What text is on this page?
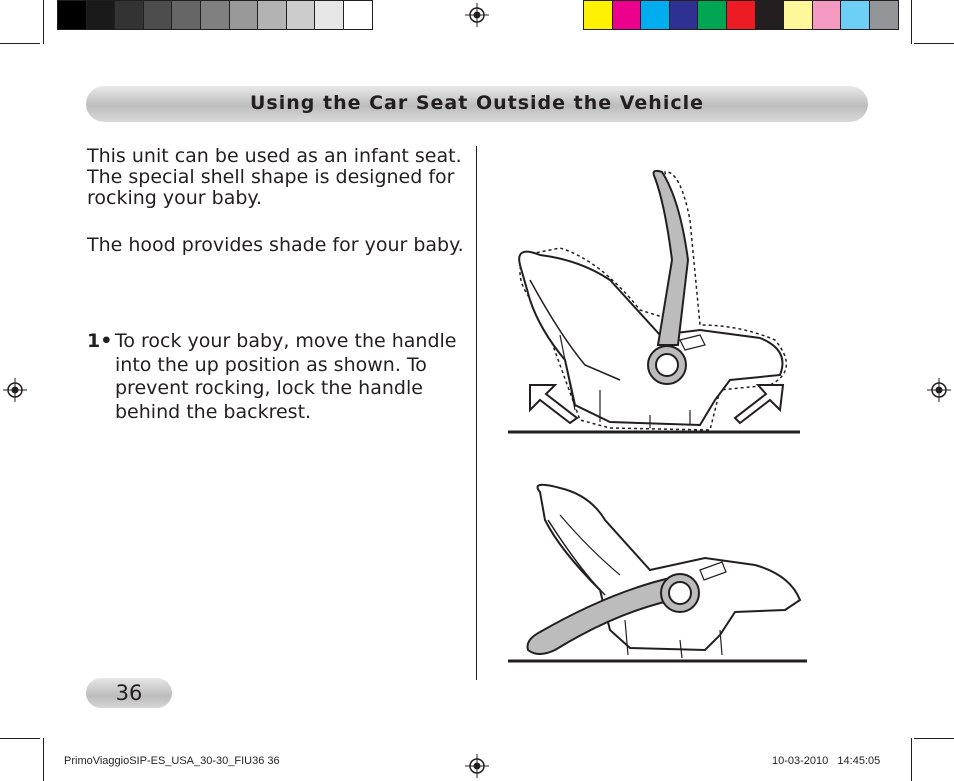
Using the Car Seat Outside the Vehicle
This unit can be used as an infant seat.
The special shell shape is designed for
rocking your baby.
The hood provides shade for your baby.
1• To rock your baby, move the handle
into the up position as shown. To
prevent rocking, lock the handle
behind the backrest.
36
PrimoViaggioSIP-ES_USA_30-30_FIU36 36	10-03-2010   14:45:05
